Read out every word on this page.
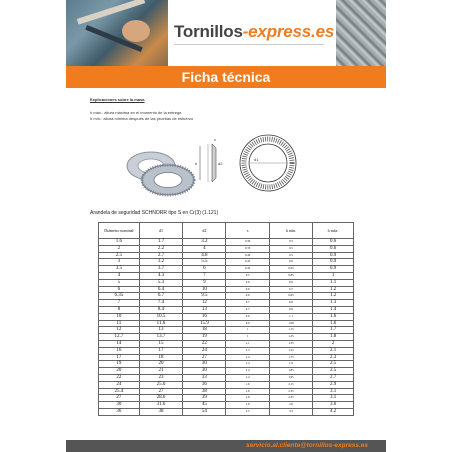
Tornillos-express.es
Ficha técnica
Explicaciones sobre la masa
h máx.: altura máxima en el momento de la entrega
h mín.: altura mínima después de las pruebas de esfuerzo
h	d2
s
d1
Arandela de seguridad SCHNORR tipo S en Cr(3) (1.121)
Diámetro nominal	d1	d2	s	h mín.	h máx.
1.6	1.7	3.2	0.30	0.5	0.6
2	2.2	4	0.35	0.5	0.6
2.5	2.7	4.8	0.40	0.5	0.9
3	3.2	5.5	0.45	0.6	0.9
3.5	3.7	6	0.45	0.65	0.9
4	4.3	7	0.5	0.85	1
5	5.3	9	0.6	0.6	1.1
6	6.4	10	0.6	0.7	1.2
6.35	6.7	9.5	0.6	0.65	1.2
7	7.4	12	0.7	0.8	1.3
8	8.4	13	0.7	0.9	1.4
10	10.5	16	0.9	1.1	1.6
11	11.6	15.9	0.9	1.08	1.6
12	13	18	1	1.15	1.7
12.7	13.7	19	1	1.25	1.8
14	15	22	1.1	1.35	2
16	17	24	1.3	1.55	2.1
17	18	27	1.4	1.75	2.3
19	20	30	1.4	1.9	2.5
20	21	30	1.4	1.85	2.5
22	23	33	1.4	1.95	2.7
24	25.6	36	1.6	2.15	2.9
25.4	27	38	1.8	2.35	3.1
27	28.6	39	1.8	2.35	3.1
30	31.6	45	1.8	2.6	3.6
36	38	54	2.5	3.2	4.2
servicio.al.cliente@tornillos-express.es
